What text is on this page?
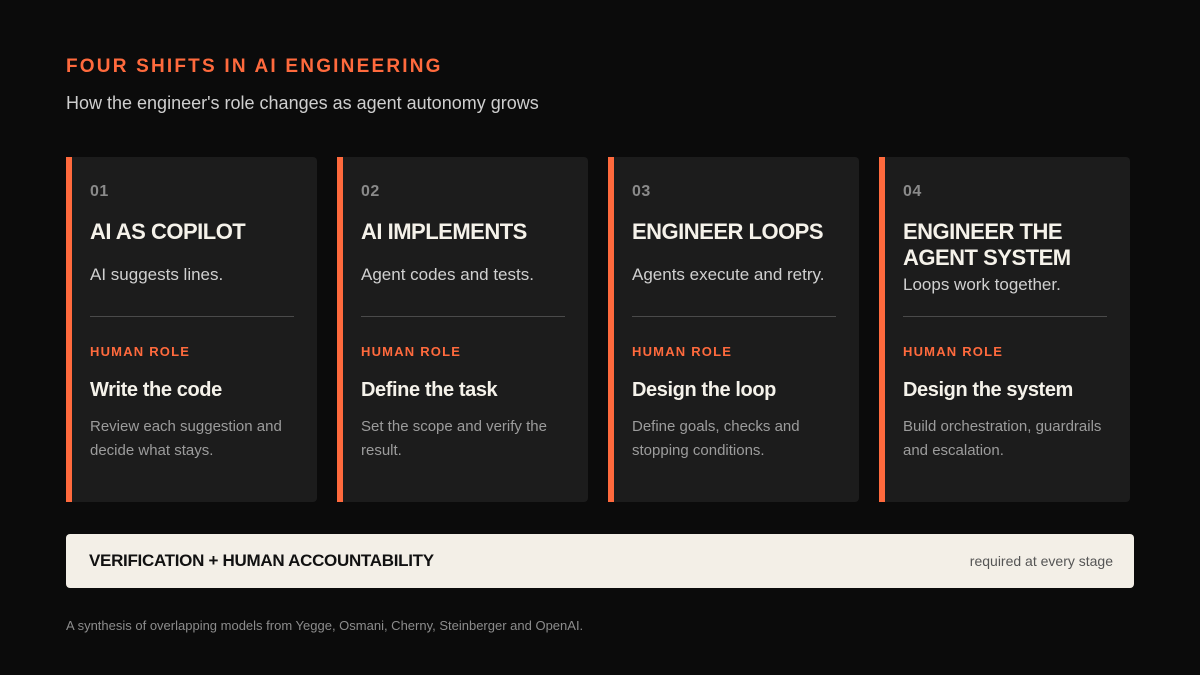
FOUR SHIFTS IN AI ENGINEERING
How the engineer's role changes as agent autonomy grows
01
AI AS COPILOT
AI suggests lines.
HUMAN ROLE
Write the code
Review each suggestion and decide what stays.
02
AI IMPLEMENTS
Agent codes and tests.
HUMAN ROLE
Define the task
Set the scope and verify the result.
03
ENGINEER LOOPS
Agents execute and retry.
HUMAN ROLE
Design the loop
Define goals, checks and stopping conditions.
04
ENGINEER THE AGENT SYSTEM
Loops work together.
HUMAN ROLE
Design the system
Build orchestration, guardrails and escalation.
VERIFICATION + HUMAN ACCOUNTABILITY	required at every stage
A synthesis of overlapping models from Yegge, Osmani, Cherny, Steinberger and OpenAI.
